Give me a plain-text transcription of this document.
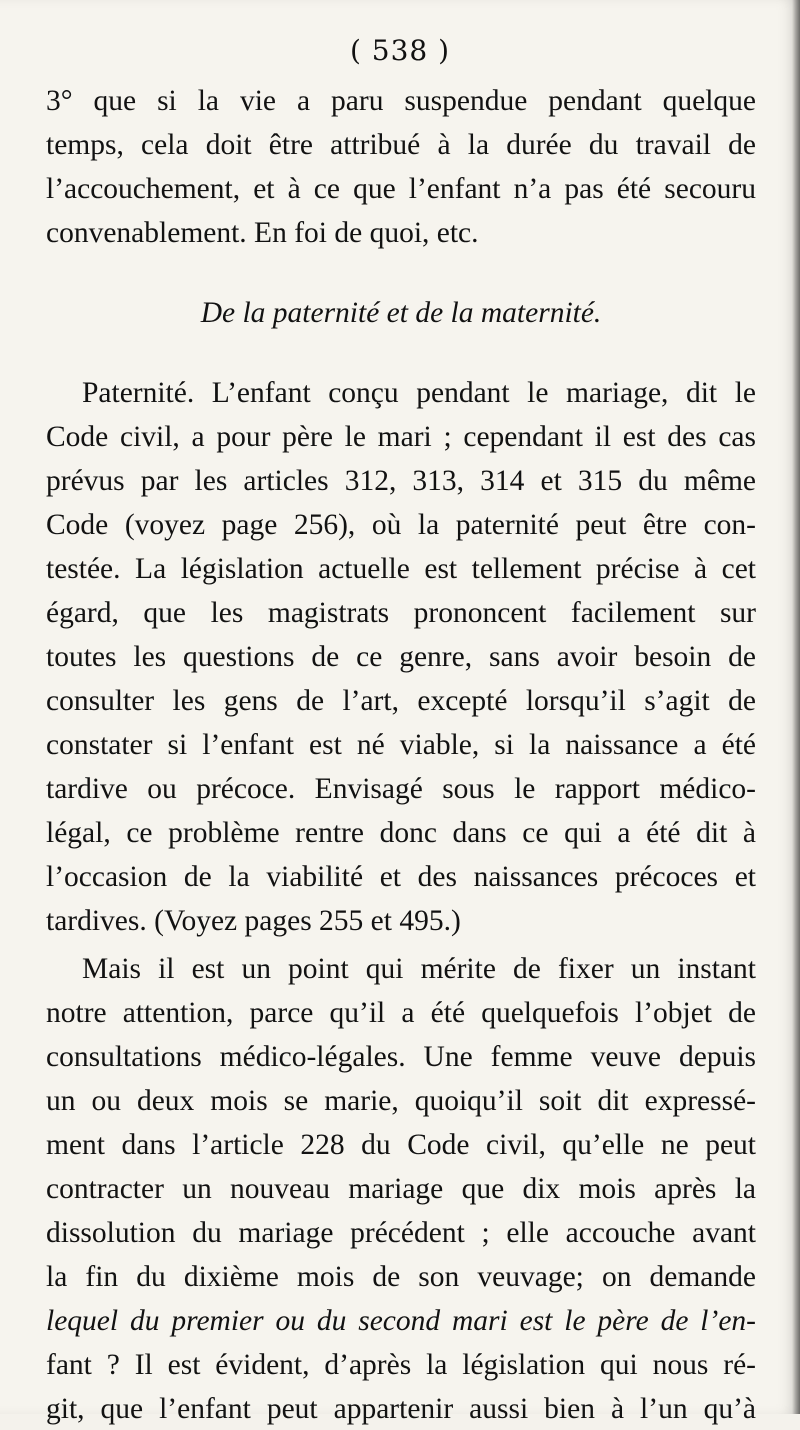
( 538 )
3° que si la vie a paru suspendue pendant quelque
temps, cela doit être attribué à la durée du travail de
l’accouchement, et à ce que l’enfant n’a pas été secouru
convenablement. En foi de quoi, etc.
De la paternité et de la maternité.
Paternité. L’enfant conçu pendant le mariage, dit le
Code civil, a pour père le mari ; cependant il est des cas
prévus par les articles 312, 313, 314 et 315 du même
Code (voyez page 256), où la paternité peut être con-
testée. La législation actuelle est tellement précise à cet
égard, que les magistrats prononcent facilement sur
toutes les questions de ce genre, sans avoir besoin de
consulter les gens de l’art, excepté lorsqu’il s’agit de
constater si l’enfant est né viable, si la naissance a été
tardive ou précoce. Envisagé sous le rapport médico-
légal, ce problème rentre donc dans ce qui a été dit à
l’occasion de la viabilité et des naissances précoces et
tardives. (Voyez pages 255 et 495.)
Mais il est un point qui mérite de fixer un instant
notre attention, parce qu’il a été quelquefois l’objet de
consultations médico-légales. Une femme veuve depuis
un ou deux mois se marie, quoiqu’il soit dit expressé-
ment dans l’article 228 du Code civil, qu’elle ne peut
contracter un nouveau mariage que dix mois après la
dissolution du mariage précédent ; elle accouche avant
la fin du dixième mois de son veuvage; on demande
lequel du premier ou du second mari est le père de l’en-
fant ? Il est évident, d’après la législation qui nous ré-
git, que l’enfant peut appartenir aussi bien à l’un qu’à
